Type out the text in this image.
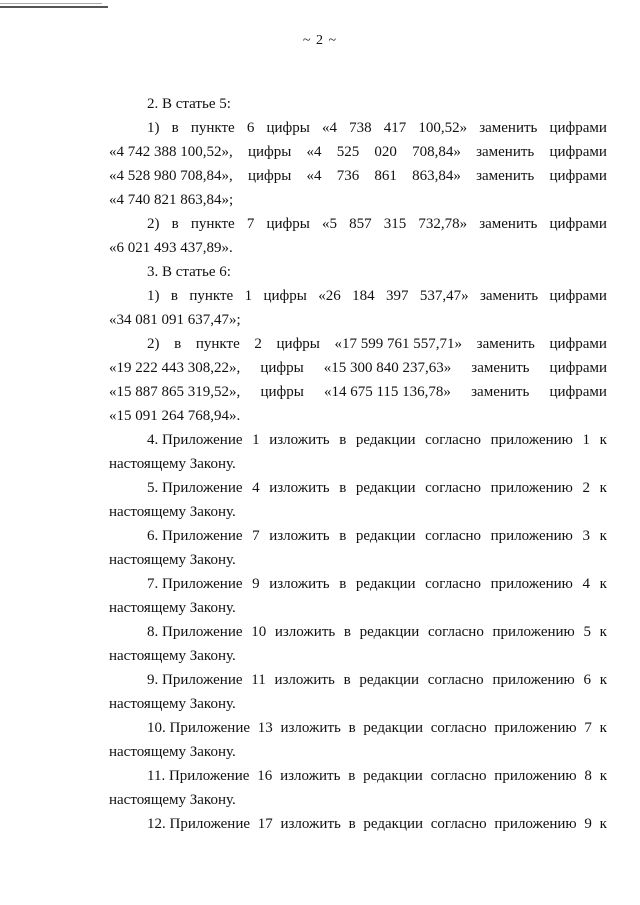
~ 2 ~
2. В статье 5:
1) в пункте 6 цифры «4 738 417 100,52» заменить цифрами
«4 742 388 100,52», цифры «4 525 020 708,84» заменить цифрами
«4 528 980 708,84», цифры «4 736 861 863,84» заменить цифрами
«4 740 821 863,84»;
2) в пункте 7 цифры «5 857 315 732,78» заменить цифрами
«6 021 493 437,89».
3. В статье 6:
1) в пункте 1 цифры «26 184 397 537,47» заменить цифрами
«34 081 091 637,47»;
2) в пункте 2 цифры «17 599 761 557,71» заменить цифрами
«19 222 443 308,22», цифры «15 300 840 237,63» заменить цифрами
«15 887 865 319,52», цифры «14 675 115 136,78» заменить цифрами
«15 091 264 768,94».
4. Приложение 1 изложить в редакции согласно приложению 1 к
настоящему Закону.
5. Приложение 4 изложить в редакции согласно приложению 2 к
настоящему Закону.
6. Приложение 7 изложить в редакции согласно приложению 3 к
настоящему Закону.
7. Приложение 9 изложить в редакции согласно приложению 4 к
настоящему Закону.
8. Приложение 10 изложить в редакции согласно приложению 5 к
настоящему Закону.
9. Приложение 11 изложить в редакции согласно приложению 6 к
настоящему Закону.
10. Приложение 13 изложить в редакции согласно приложению 7 к
настоящему Закону.
11. Приложение 16 изложить в редакции согласно приложению 8 к
настоящему Закону.
12. Приложение 17 изложить в редакции согласно приложению 9 к
